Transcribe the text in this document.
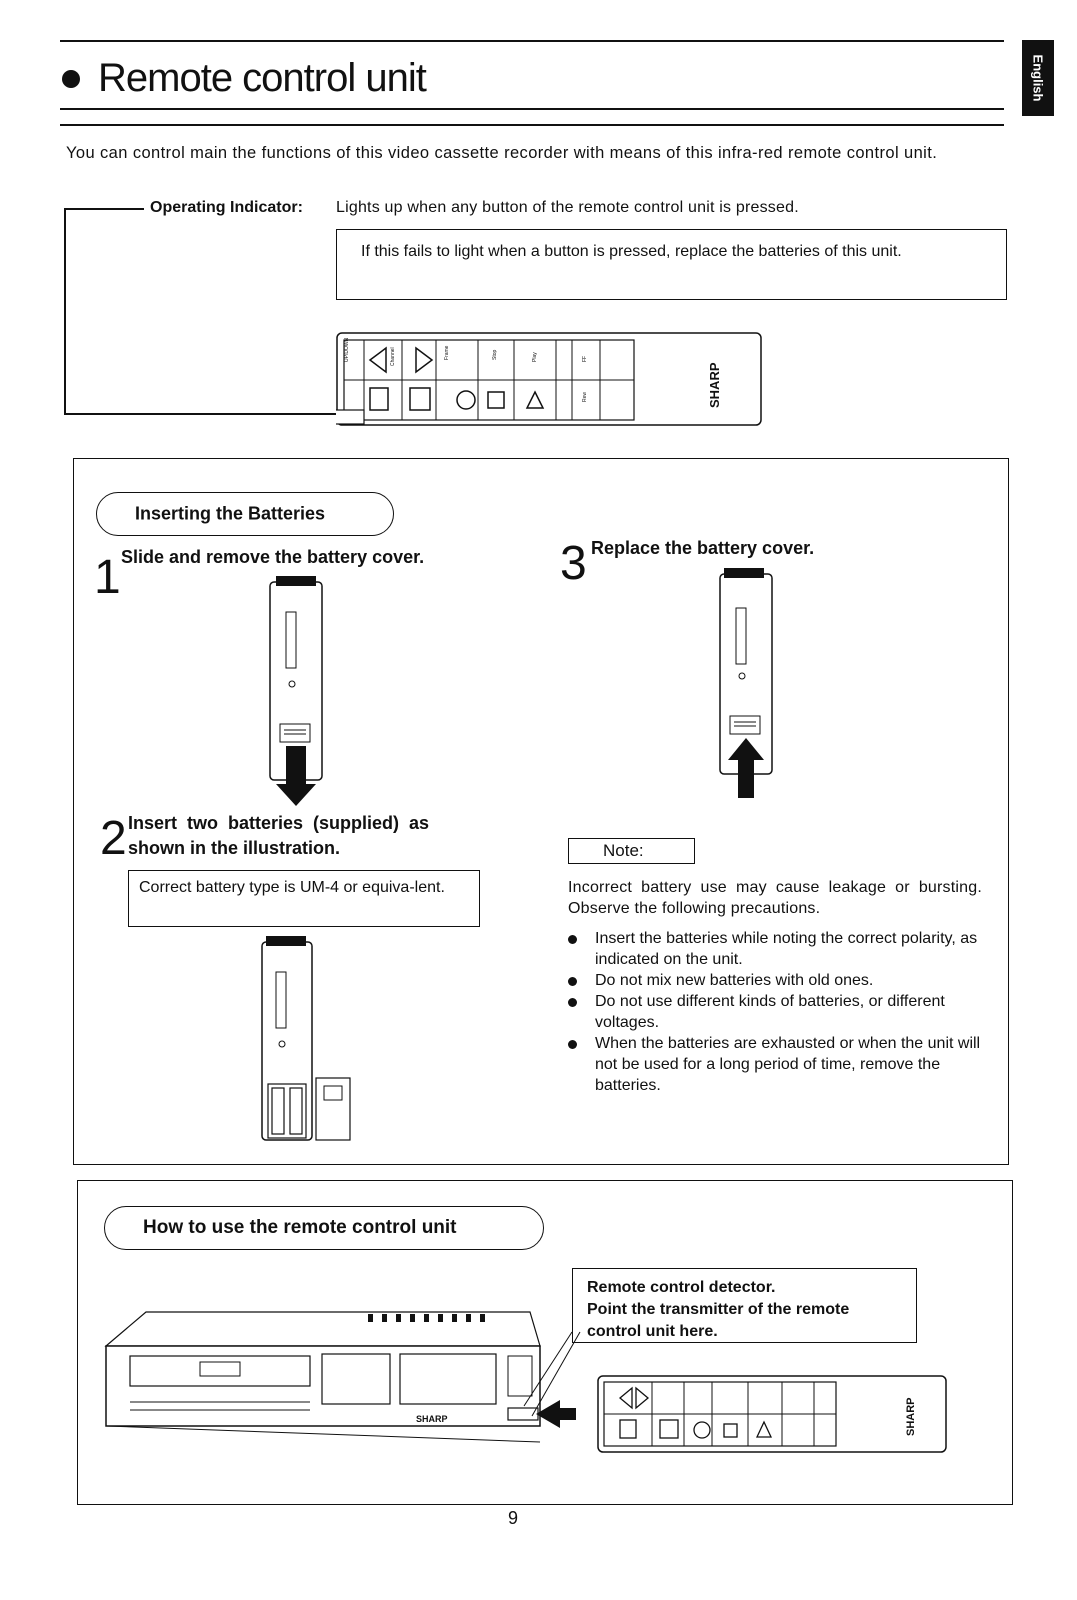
English
Remote control unit
You can control main the functions of this video cassette recorder with means of this infra-red remote control unit.
Operating Indicator: Lights up when any button of the remote control unit is pressed.
If this fails to light when a button is pressed, replace the batteries of this unit.
UP/DOWN	Channel	Frame	Stop	Play	FF
Rew	SHARP
Inserting the Batteries
1 Slide and remove the battery cover.
2 Insert  two  batteries  (supplied)  as
shown in the illustration.
Correct battery type is UM-4 or equiva-lent.
3 Replace the battery cover.
Note:
Incorrect battery use may cause leakage or bursting. Observe the following precautions.
Insert the batteries while noting the correct polarity, as indicated on the unit.
Do not mix new batteries with old ones.
Do not use different kinds of batteries, or different voltages.
When the batteries are exhausted or when the unit will not be used for a long period of time, remove the batteries.
How to use the remote control unit
Remote control detector.
Point the transmitter of the remote
control unit here.
SHARP	SHARP
9
